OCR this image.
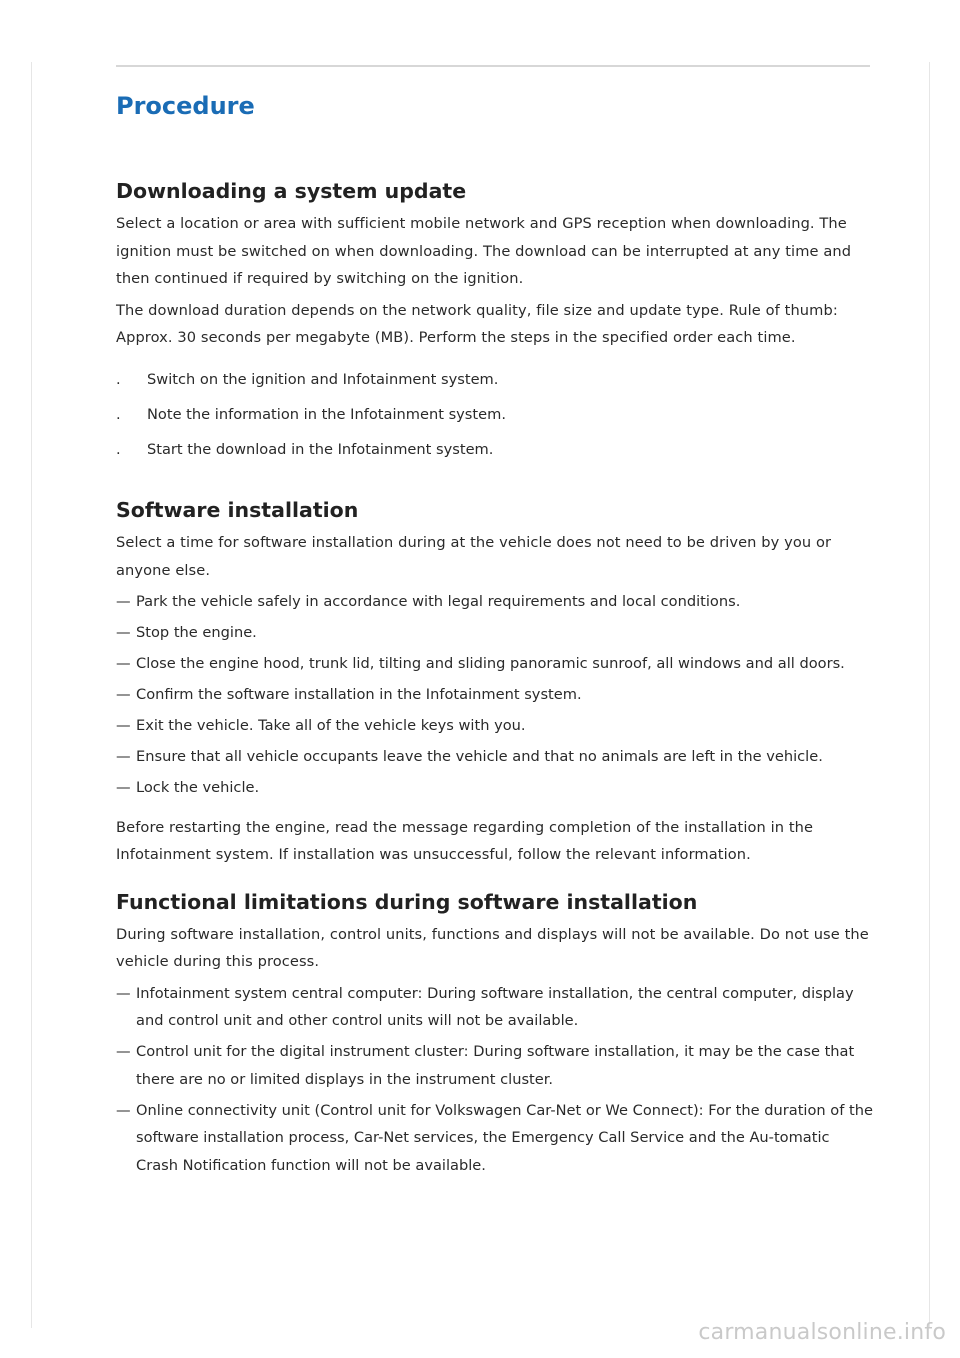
Procedure
Downloading a system update

Select a location or area with sufficient mobile network and GPS reception when downloading. The ignition must be switched on when downloading. The download can be interrupted at any time and then continued if required by switching on the ignition.

The download duration depends on the network quality, file size and update type. Rule of thumb: Approx. 30 seconds per megabyte (MB). Perform the steps in the specified order each time.

. Switch on the ignition and Infotainment system.
. Note the information in the Infotainment system.
. Start the download in the Infotainment system.
Software installation

Select a time for software installation during at the vehicle does not need to be driven by you or anyone else.

— Park the vehicle safely in accordance with legal requirements and local conditions.
— Stop the engine.
— Close the engine hood, trunk lid, tilting and sliding panoramic sunroof, all windows and all doors.
— Confirm the software installation in the Infotainment system.
— Exit the vehicle. Take all of the vehicle keys with you.
— Ensure that all vehicle occupants leave the vehicle and that no animals are left in the vehicle.
— Lock the vehicle.

Before restarting the engine, read the message regarding completion of the installation in the Infotainment system. If installation was unsuccessful, follow the relevant information.

Functional limitations during software installation

During software installation, control units, functions and displays will not be available. Do not use the vehicle during this process.

— Infotainment system central computer: During software installation, the central computer, display and control unit and other control units will not be available.
— Control unit for the digital instrument cluster: During software installation, it may be the case that there are no or limited displays in the instrument cluster.
— Online connectivity unit (Control unit for Volkswagen Car-Net or We Connect): For the duration of the software installation process, Car-Net services, the Emergency Call Service and the Au-tomatic Crash Notification function will not be available.
carmanualsonline.info
